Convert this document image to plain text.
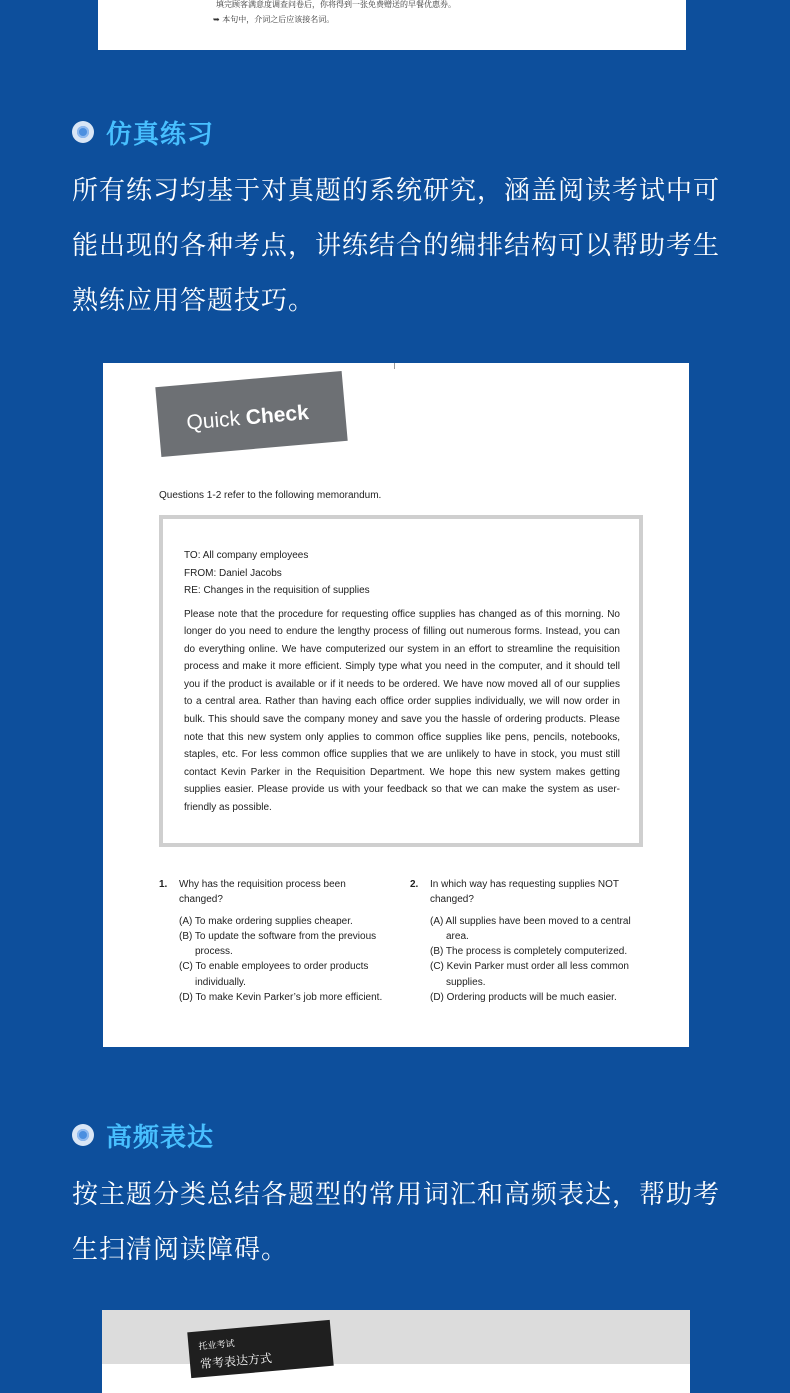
填完顾客满意度调查问卷后，你将得到一张免费赠送的早餐优惠券。
➥ 本句中，介词之后应该接名词。
仿真练习
所有练习均基于对真题的系统研究，涵盖阅读考试中可能出现的各种考点，讲练结合的编排结构可以帮助考生熟练应用答题技巧。
Quick Check
Questions 1-2 refer to the following memorandum.
TO: All company employees
FROM: Daniel Jacobs
RE: Changes in the requisition of supplies
Please note that the procedure for requesting office supplies has changed as of this morning. No longer do you need to endure the lengthy process of filling out numerous forms. Instead, you can do everything online. We have computerized our system in an effort to streamline the requisition process and make it more efficient. Simply type what you need in the computer, and it should tell you if the product is available or if it needs to be ordered. We have now moved all of our supplies to a central area. Rather than having each office order supplies individually, we will now order in bulk. This should save the company money and save you the hassle of ordering products. Please note that this new system only applies to common office supplies like pens, pencils, notebooks, staples, etc. For less common office supplies that we are unlikely to have in stock, you must still contact Kevin Parker in the Requisition Department. We hope this new system makes getting supplies easier. Please provide us with your feedback so that we can make the system as user-friendly as possible.
1.	Why has the requisition process been changed?
(A) To make ordering supplies cheaper.
(B) To update the software from the previous process.
(C) To enable employees to order products individually.
(D) To make Kevin Parker’s job more efficient.
2.	In which way has requesting supplies NOT changed?
(A) All supplies have been moved to a central area.
(B) The process is completely computerized.
(C) Kevin Parker must order all less common supplies.
(D) Ordering products will be much easier.
高频表达
按主题分类总结各题型的常用词汇和高频表达，帮助考生扫清阅读障碍。
托业考试
常考表达方式
